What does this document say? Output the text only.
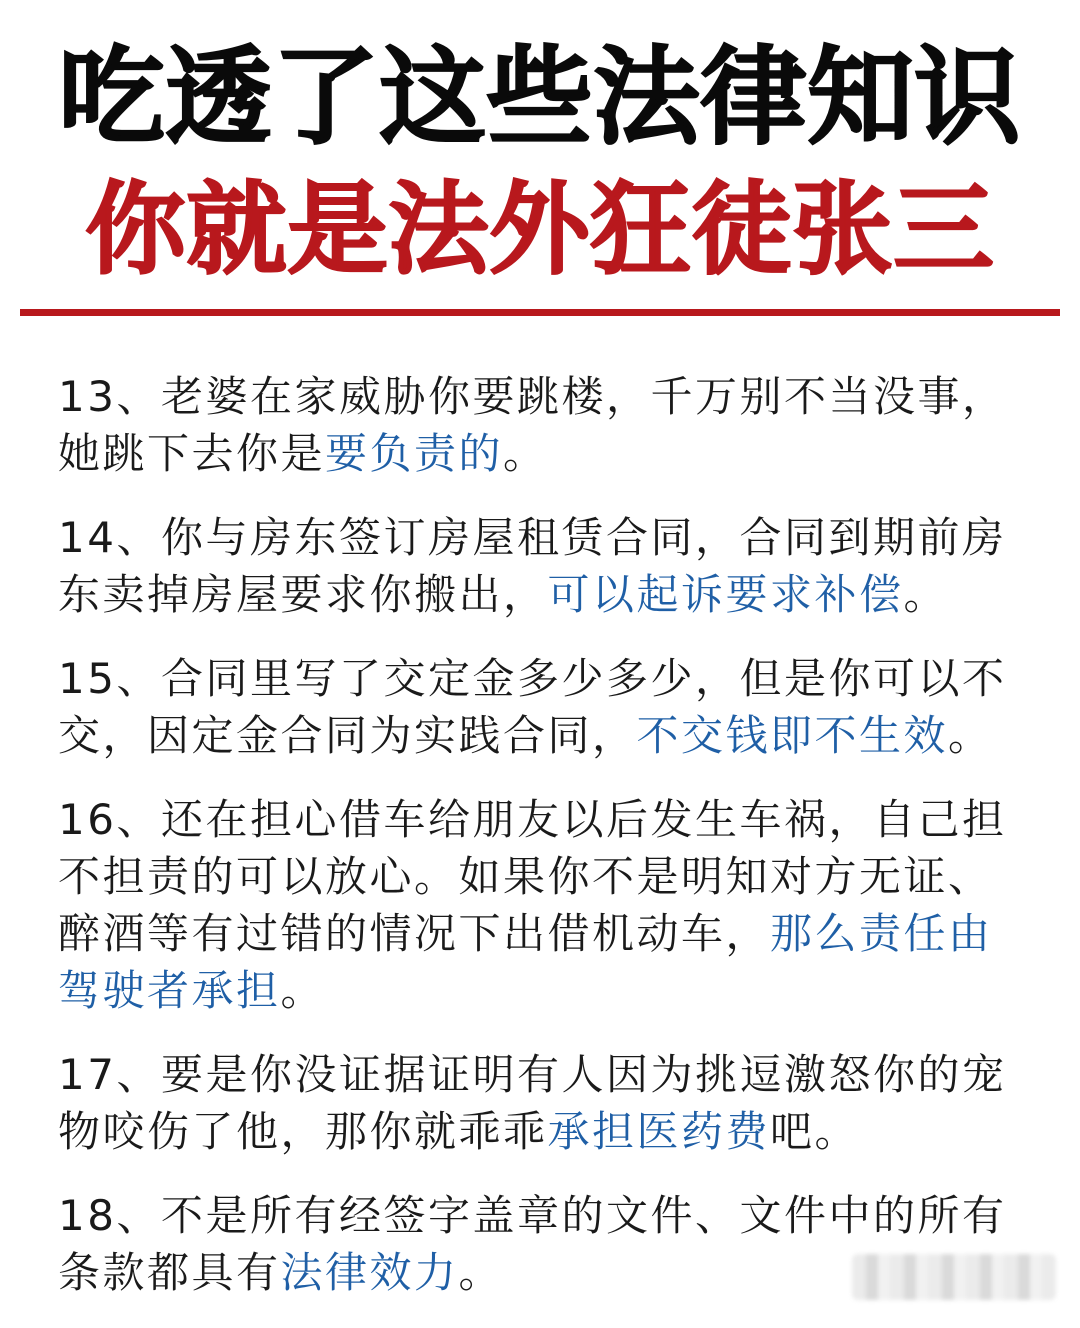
吃透了这些法律知识
你就是法外狂徒张三

13、老婆在家威胁你要跳楼，千万别不当没事，她跳下去你是要负责的。

14、你与房东签订房屋租赁合同，合同到期前房东卖掉房屋要求你搬出，可以起诉要求补偿。

15、合同里写了交定金多少多少，但是你可以不交，因定金合同为实践合同，不交钱即不生效。

16、还在担心借车给朋友以后发生车祸，自己担不担责的可以放心。如果你不是明知对方无证、醉酒等有过错的情况下出借机动车，那么责任由驾驶者承担。

17、要是你没证据证明有人因为挑逗激怒你的宠物咬伤了他，那你就乖乖承担医药费吧。

18、不是所有经签字盖章的文件、文件中的所有条款都具有法律效力。
